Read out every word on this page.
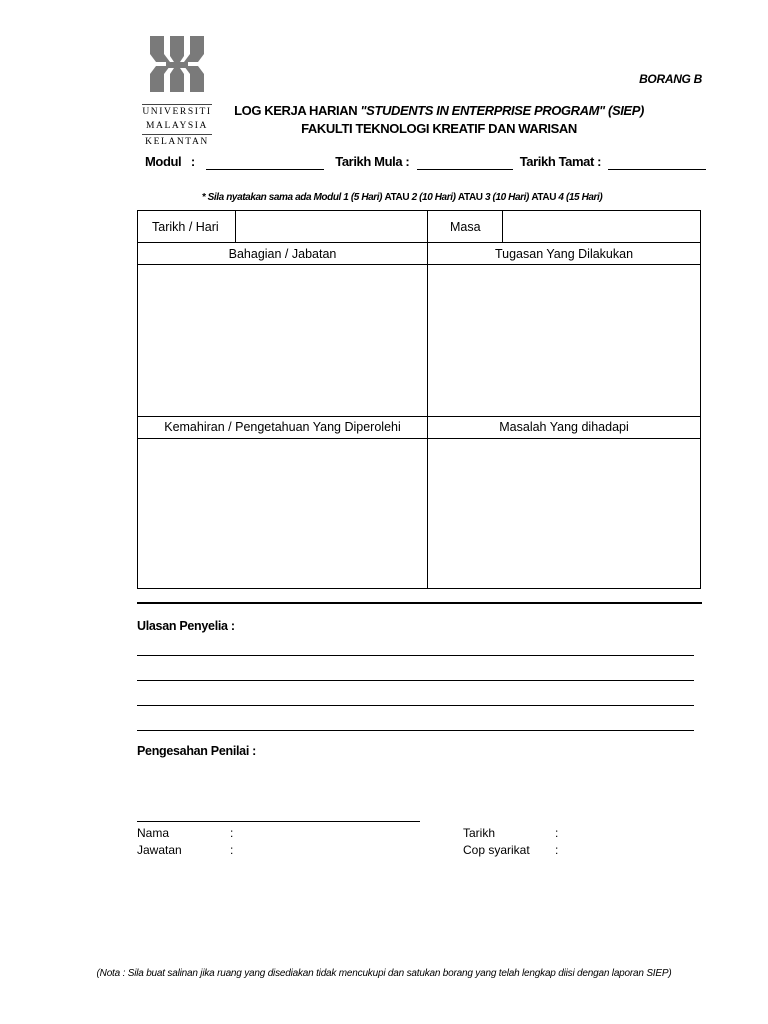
UNIVERSITI
MALAYSIA
KELANTAN
BORANG B
LOG KERJA HARIAN "STUDENTS IN ENTERPRISE PROGRAM" (SIEP)
FAKULTI TEKNOLOGI KREATIF DAN WARISAN
Modul   :	Tarikh Mula :	Tarikh Tamat :

* Sila nyatakan sama ada Modul 1 (5 Hari) ATAU 2 (10 Hari) ATAU 3 (10 Hari) ATAU 4 (15 Hari)

Tarikh / Hari	Masa
Bahagian / Jabatan	Tugasan Yang Dilakukan
Kemahiran / Pengetahuan Yang Diperolehi	Masalah Yang dihadapi
Ulasan Penyelia :
Pengesahan Penilai :
Nama	:
Jawatan	:
Tarikh	:
Cop syarikat :
(Nota : Sila buat salinan jika ruang yang disediakan tidak mencukupi dan satukan borang yang telah lengkap diisi dengan laporan SIEP)
